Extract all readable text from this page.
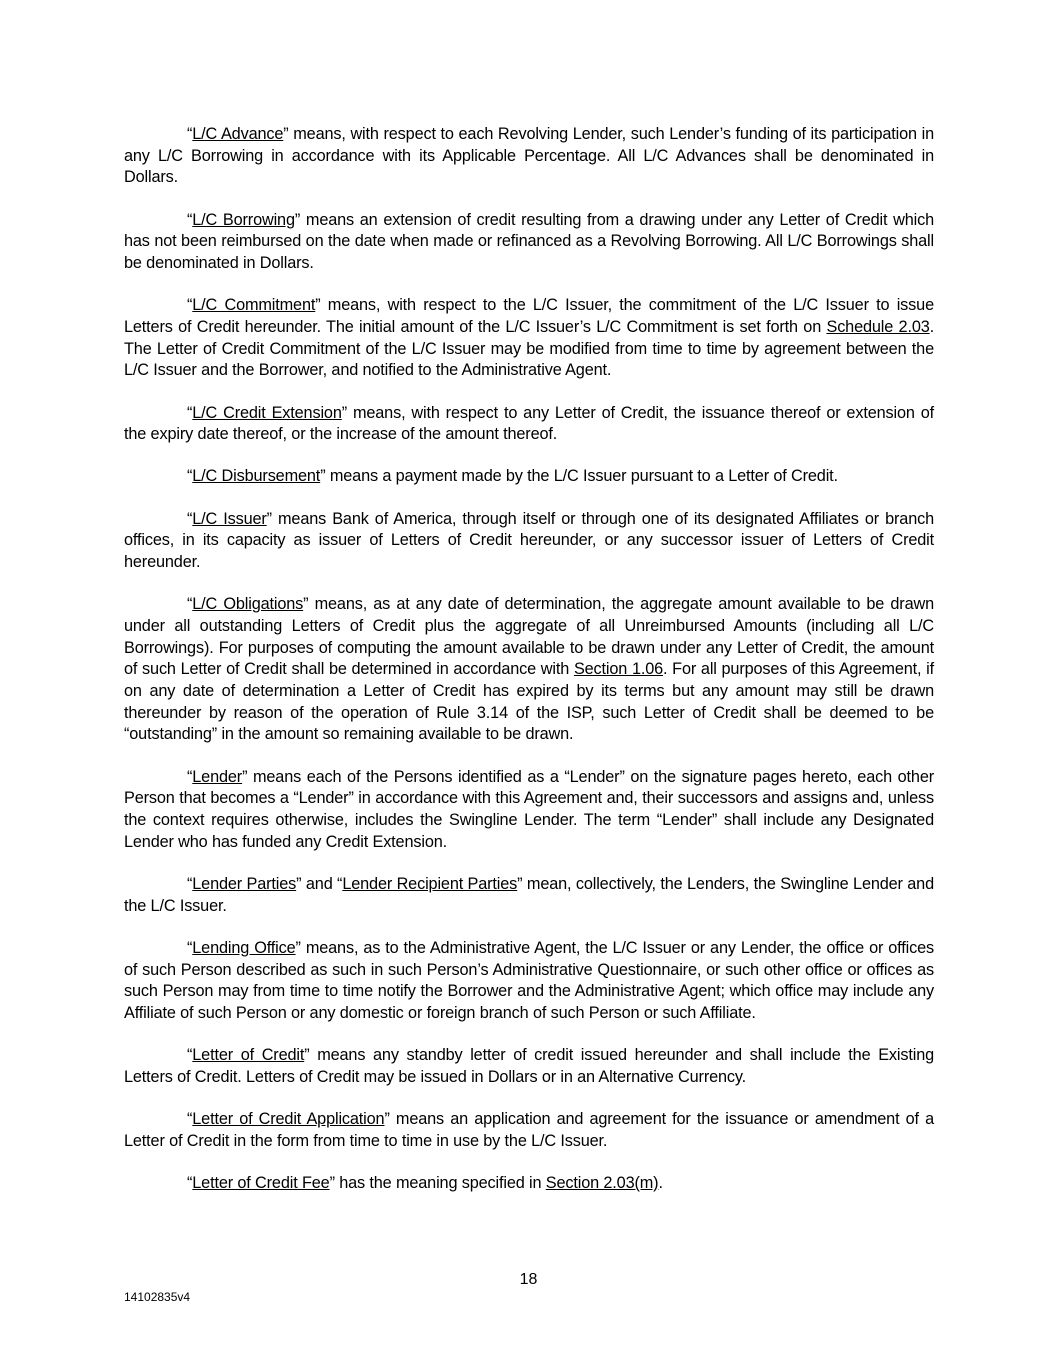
“L/C Advance” means, with respect to each Revolving Lender, such Lender’s funding of its participation in any L/C Borrowing in accordance with its Applicable Percentage. All L/C Advances shall be denominated in Dollars.

“L/C Borrowing” means an extension of credit resulting from a drawing under any Letter of Credit which has not been reimbursed on the date when made or refinanced as a Revolving Borrowing. All L/C Borrowings shall be denominated in Dollars.

“L/C Commitment” means, with respect to the L/C Issuer, the commitment of the L/C Issuer to issue Letters of Credit hereunder. The initial amount of the L/C Issuer’s L/C Commitment is set forth on Schedule 2.03. The Letter of Credit Commitment of the L/C Issuer may be modified from time to time by agreement between the L/C Issuer and the Borrower, and notified to the Administrative Agent.

“L/C Credit Extension” means, with respect to any Letter of Credit, the issuance thereof or extension of the expiry date thereof, or the increase of the amount thereof.

“L/C Disbursement” means a payment made by the L/C Issuer pursuant to a Letter of Credit.

“L/C Issuer” means Bank of America, through itself or through one of its designated Affiliates or branch offices, in its capacity as issuer of Letters of Credit hereunder, or any successor issuer of Letters of Credit hereunder.

“L/C Obligations” means, as at any date of determination, the aggregate amount available to be drawn under all outstanding Letters of Credit plus the aggregate of all Unreimbursed Amounts (including all L/C Borrowings). For purposes of computing the amount available to be drawn under any Letter of Credit, the amount of such Letter of Credit shall be determined in accordance with Section 1.06. For all purposes of this Agreement, if on any date of determination a Letter of Credit has expired by its terms but any amount may still be drawn thereunder by reason of the operation of Rule 3.14 of the ISP, such Letter of Credit shall be deemed to be “outstanding” in the amount so remaining available to be drawn.

“Lender” means each of the Persons identified as a “Lender” on the signature pages hereto, each other Person that becomes a “Lender” in accordance with this Agreement and, their successors and assigns and, unless the context requires otherwise, includes the Swingline Lender. The term “Lender” shall include any Designated Lender who has funded any Credit Extension.

“Lender Parties” and “Lender Recipient Parties” mean, collectively, the Lenders, the Swingline Lender and the L/C Issuer.

“Lending Office” means, as to the Administrative Agent, the L/C Issuer or any Lender, the office or offices of such Person described as such in such Person’s Administrative Questionnaire, or such other office or offices as such Person may from time to time notify the Borrower and the Administrative Agent; which office may include any Affiliate of such Person or any domestic or foreign branch of such Person or such Affiliate.

“Letter of Credit” means any standby letter of credit issued hereunder and shall include the Existing Letters of Credit. Letters of Credit may be issued in Dollars or in an Alternative Currency.

“Letter of Credit Application” means an application and agreement for the issuance or amendment of a Letter of Credit in the form from time to time in use by the L/C Issuer.

“Letter of Credit Fee” has the meaning specified in Section 2.03(m).

18
14102835v4
